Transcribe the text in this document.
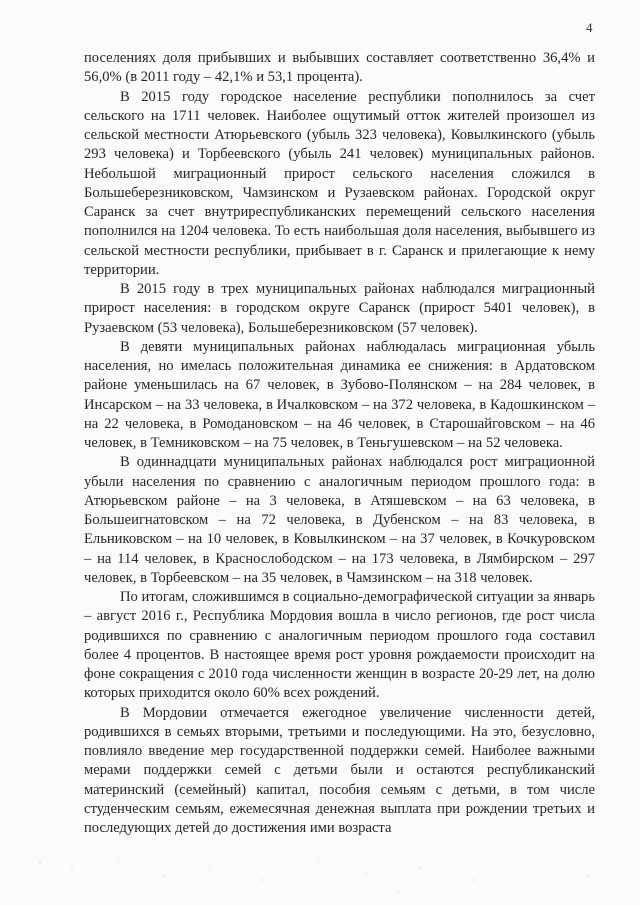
4

поселениях доля прибывших и выбывших составляет соответственно 36,4% и 56,0% (в 2011 году – 42,1% и 53,1 процента).

В 2015 году городское население республики пополнилось за счет сельского на 1711 человек. Наиболее ощутимый отток жителей произошел из сельской местности Атюрьевского (убыль 323 человека), Ковылкинского (убыль 293 человека) и Торбеевского (убыль 241 человек) муниципальных районов. Небольшой миграционный прирост сельского населения сложился в Большеберезниковском, Чамзинском и Рузаевском районах. Городской округ Саранск за счет внутриреспубликанских перемещений сельского населения пополнился на 1204 человека. То есть наибольшая доля населения, выбывшего из сельской местности республики, прибывает в г. Саранск и прилегающие к нему территории.

В 2015 году в трех муниципальных районах наблюдался миграционный прирост населения: в городском округе Саранск (прирост 5401 человек), в Рузаевском (53 человека), Большеберезниковском (57 человек).

В девяти муниципальных районах наблюдалась миграционная убыль населения, но имелась положительная динамика ее снижения: в Ардатовском районе уменьшилась на 67 человек, в Зубово-Полянском – на 284 человек, в Инсарском – на 33 человека, в Ичалковском – на 372 человека, в Кадошкинском – на 22 человека, в Ромодановском – на 46 человек, в Старошайговском – на 46 человек, в Темниковском – на 75 человек, в Теньгушевском – на 52 человека.

В одиннадцати муниципальных районах наблюдался рост миграционной убыли населения по сравнению с аналогичным периодом прошлого года: в Атюрьевском районе – на 3 человека, в Атяшевском – на 63 человека, в Большеигнатовском – на 72 человека, в Дубенском – на 83 человека, в Ельниковском – на 10 человек, в Ковылкинском – на 37 человек, в Кочкуровском – на 114 человек, в Краснослободском – на 173 человека, в Лямбирском – 297 человек, в Торбеевском – на 35 человек, в Чамзинском – на 318 человек.

По итогам, сложившимся в социально-демографической ситуации за январь – август 2016 г., Республика Мордовия вошла в число регионов, где рост числа родившихся по сравнению с аналогичным периодом прошлого года составил более 4 процентов. В настоящее время рост уровня рождаемости происходит на фоне сокращения с 2010 года численности женщин в возрасте 20-29 лет, на долю которых приходится около 60% всех рождений.

В Мордовии отмечается ежегодное увеличение численности детей, родившихся в семьях вторыми, третьими и последующими. На это, безусловно, повлияло введение мер государственной поддержки семей. Наиболее важными мерами поддержки семей с детьми были и остаются республиканский материнский (семейный) капитал, пособия семьям с детьми, в том числе студенческим семьям, ежемесячная денежная выплата при рождении третьих и последующих детей до достижения ими возраста
